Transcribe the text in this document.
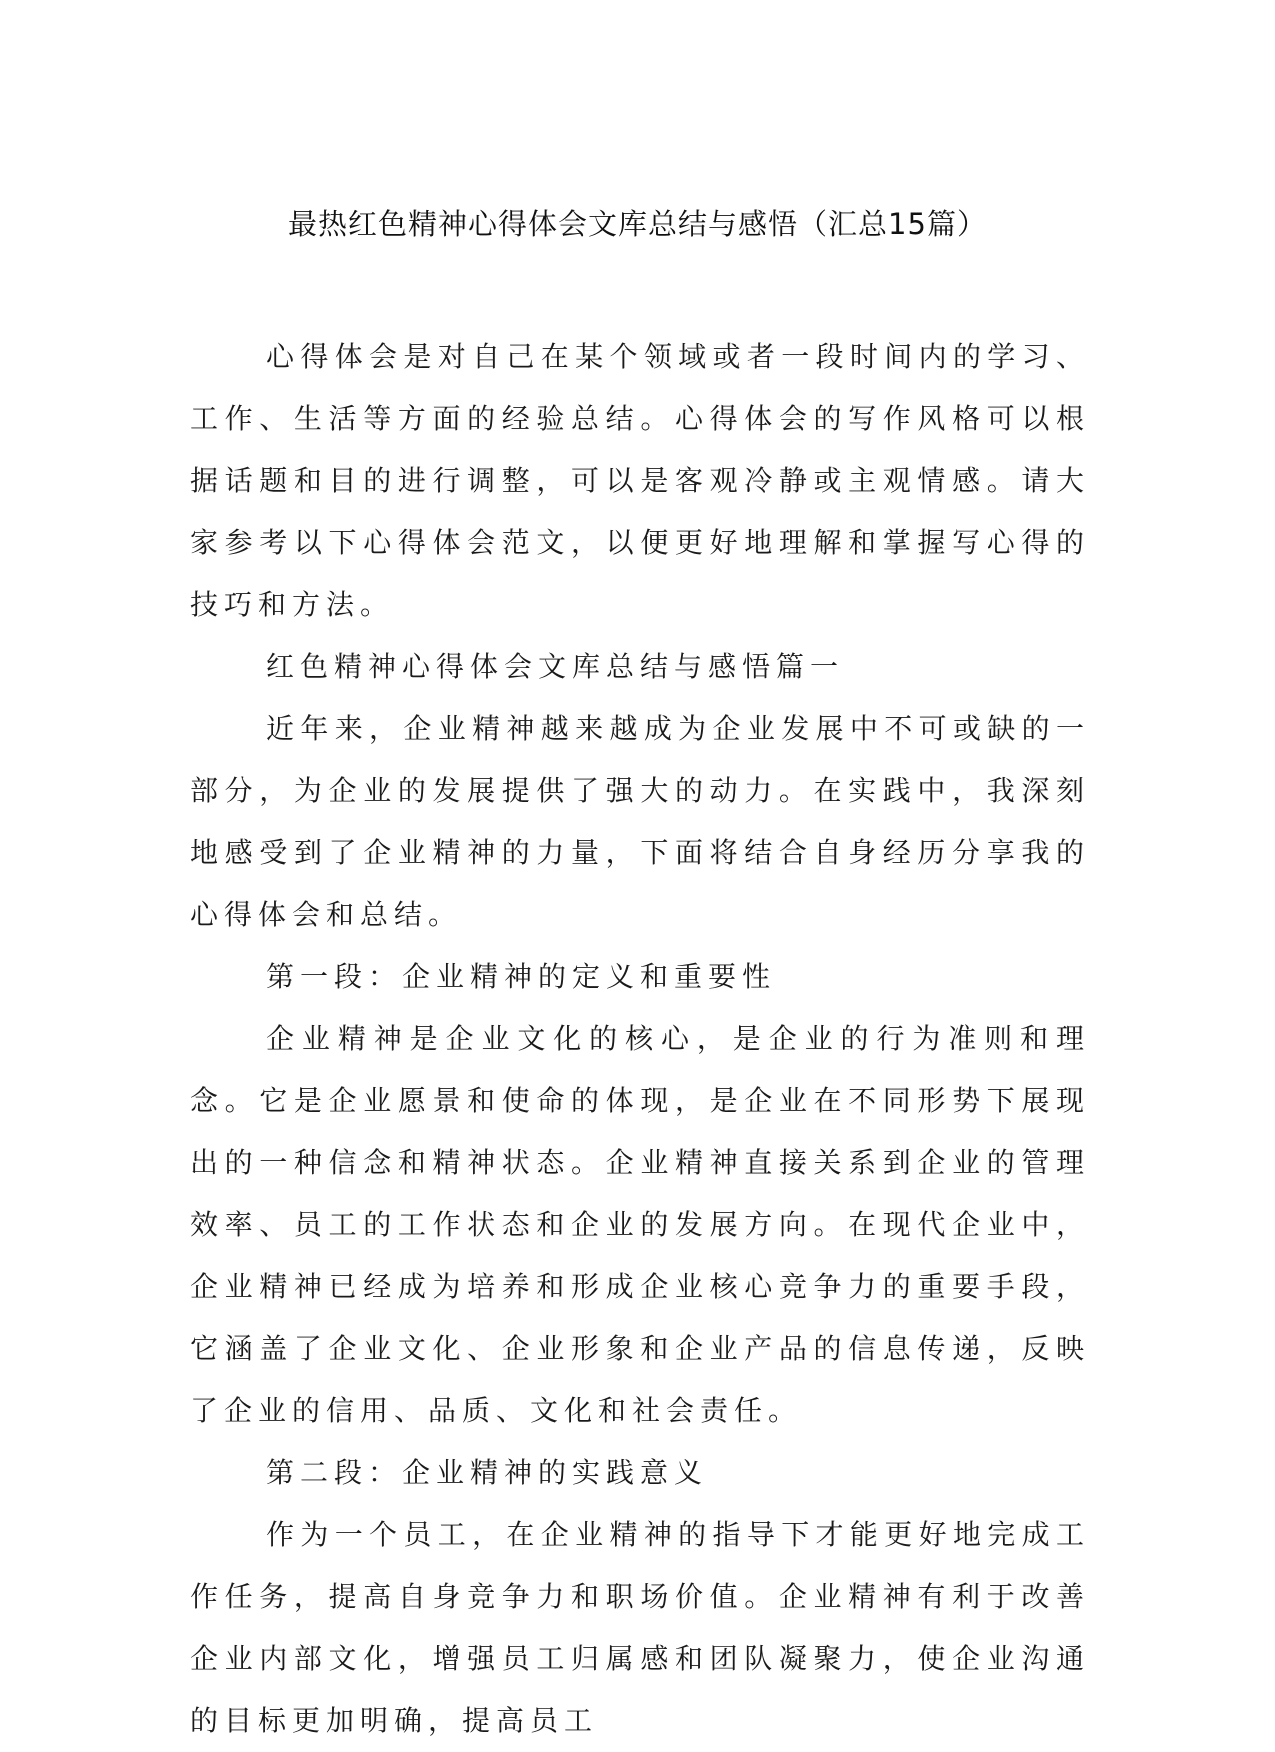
最热红色精神心得体会文库总结与感悟（汇总15篇）

心得体会是对自己在某个领域或者一段时间内的学习、工作、生活等方面的经验总结。心得体会的写作风格可以根据话题和目的进行调整，可以是客观冷静或主观情感。请大家参考以下心得体会范文，以便更好地理解和掌握写心得的技巧和方法。

红色精神心得体会文库总结与感悟篇一

近年来，企业精神越来越成为企业发展中不可或缺的一部分，为企业的发展提供了强大的动力。在实践中，我深刻地感受到了企业精神的力量，下面将结合自身经历分享我的心得体会和总结。

第一段：企业精神的定义和重要性

企业精神是企业文化的核心，是企业的行为准则和理念。它是企业愿景和使命的体现，是企业在不同形势下展现出的一种信念和精神状态。企业精神直接关系到企业的管理效率、员工的工作状态和企业的发展方向。在现代企业中，企业精神已经成为培养和形成企业核心竞争力的重要手段，它涵盖了企业文化、企业形象和企业产品的信息传递，反映了企业的信用、品质、文化和社会责任。

第二段：企业精神的实践意义

作为一个员工，在企业精神的指导下才能更好地完成工作任务，提高自身竞争力和职场价值。企业精神有利于改善企业内部文化，增强员工归属感和团队凝聚力，使企业沟通的目标更加明确，提高员工
